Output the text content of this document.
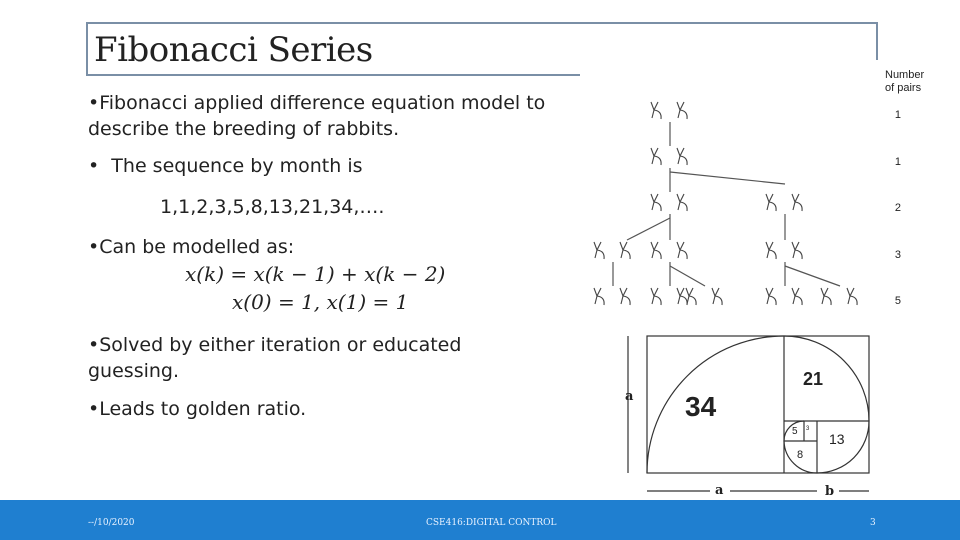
Fibonacci Series
•Fibonacci applied difference equation model to describe the breeding of rabbits.
•  The sequence by month is
1,1,2,3,5,8,13,21,34,….
•Can be modelled as:
x(k) = x(k − 1) + x(k − 2)
x(0) = 1, x(1) = 1
•Solved by either iteration or educated guessing.
•Leads to golden ratio.
Number of pairs
1
1
2
3
5
34
21
13
8
5 3
a
a	b
--/10/2020	CSE416:DIGITAL CONTROL	3
